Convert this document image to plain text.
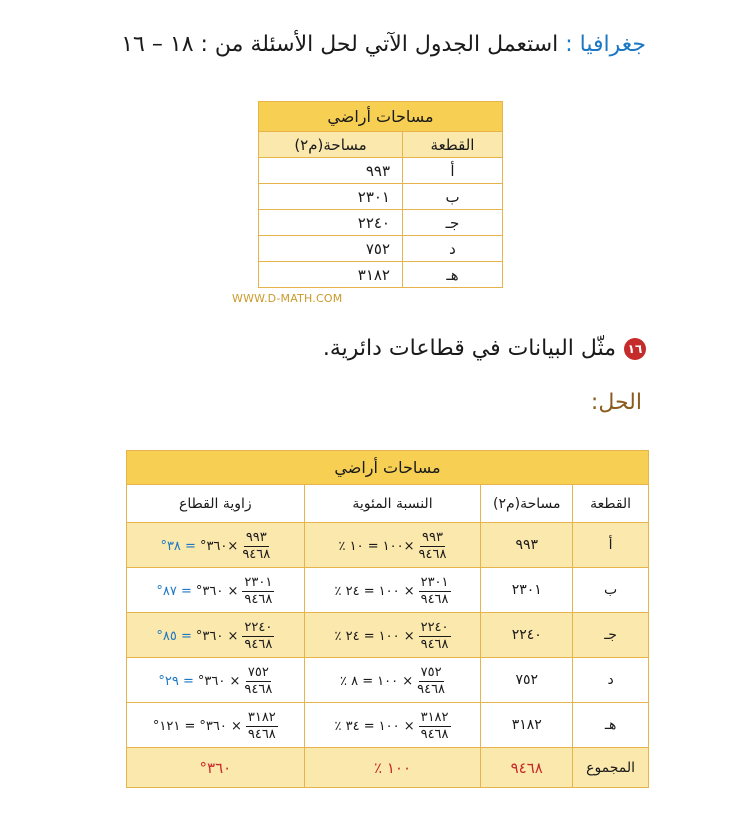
جغرافيا : استعمل الجدول الآتي لحل الأسئلة من : ١٨ – ١٦
مساحات أراضي	
القطعة	مساحة(م٢)
أ	٩٩٣
ب	٢٣٠١
جـ	٢٢٤٠
د	٧٥٢
هـ	٣١٨٢
WWW.D-MATH.COM
١٦
مثّل البيانات في قطاعات دائرية.
الحل:
مساحات أراضي			
القطعة	مساحة(م٢)	النسبة المئوية	زاوية القطاع
أ	٩٩٣	$\frac{٩٩٣}{٩٤٦٨}$
×١٠٠
= ١٠ ٪	$\frac{٩٩٣}{٩٤٦٨}$
×٣٦٠°
= ٣٨°

ب	٢٣٠١	$\frac{٢٣٠١}{٩٤٦٨}$
× ١٠٠
= ٢٤ ٪	$\frac{٢٣٠١}{٩٤٦٨}$
× ٣٦٠°
= ٨٧°

جـ	٢٢٤٠	$\frac{٢٢٤٠}{٩٤٦٨}$
× ١٠٠
= ٢٤ ٪	$\frac{٢٢٤٠}{٩٤٦٨}$
× ٣٦٠°
= ٨٥°

د	٧٥٢	$\frac{٧٥٢}{٩٤٦٨}$
× ١٠٠
= ٨ ٪	$\frac{٧٥٢}{٩٤٦٨}$
× ٣٦٠°
= ٢٩°

هـ	٣١٨٢	$\frac{٣١٨٢}{٩٤٦٨}$
× ١٠٠
= ٣٤ ٪	$\frac{٣١٨٢}{٩٤٦٨}$
× ٣٦٠°
= ١٢١°

المجموع	٩٤٦٨	١٠٠ ٪	٣٦٠°
